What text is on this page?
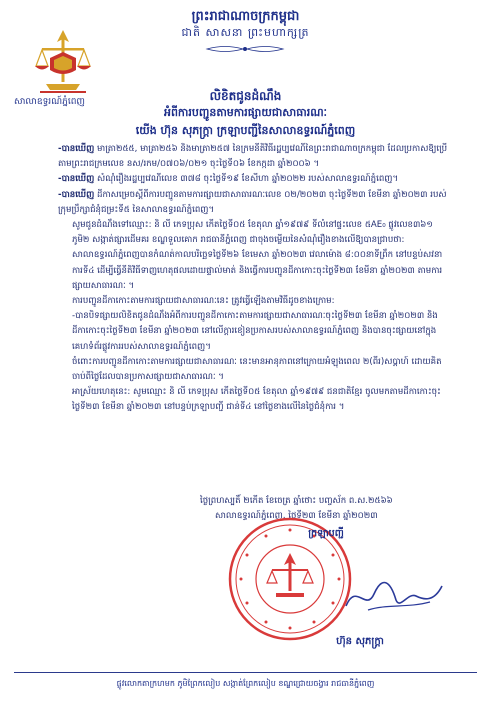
ព្រះរាជាណាចក្រកម្ពុជា
ជាតិ សាសនា ព្រះមហាក្សត្រ
សាលាឧទ្ធរណ៍ភ្នំពេញ	លិខិតជូនដំណឹង
អំពីការបញ្ជូនតាមការផ្សាយជាសាធារណៈ
យើង ហ៊ុន សុភក្ត្រា ក្រឡាបញ្ជីនៃសាលាឧទ្ធរណ៍ភ្នំពេញ

-បានឃើញ មាត្រា២៥៥, មាត្រា២៥៦ និងមាត្រា២៥៧ នៃក្រមនីតិវិធីរដ្ឋប្បវេណីនៃព្រះរាជាណាចក្រកម្ពុជា ដែលប្រកាសឱ្យប្រើតាមព្រះរាជក្រមលេខ នស/រកម/០៧០៦/០២១ ចុះថ្ងៃទី០៦ ខែកក្កដា ឆ្នាំ២០០៦ ។

-បានឃើញ សំណុំរឿងរដ្ឋប្បវេណីលេខ ៣៧៨ ចុះថ្ងៃទី១៩ ខែសីហា ឆ្នាំ២០២២ របស់សាលាឧទ្ធរណ៍ភ្នំពេញ។

-បានឃើញ ដីកាសម្រេចស្តីពីការបញ្ជូនតាមការផ្សាយជាសាធារណៈលេខ ០២/២០២៣ ចុះថ្ងៃទី២៣ ខែមីនា ឆ្នាំ២០២៣ របស់ក្រុមប្រឹក្សាជំនុំជម្រះទី៥ នៃសាលាឧទ្ធរណ៍ភ្នំពេញ។

សូមជូនដំណឹងទៅឈ្មោះ: និ លី កេទប្រុស កើតថ្ងៃទី០៥ ខែតុលា ឆ្នាំ១៩៧៩ ទីលំនៅផ្ទះលេខ ៥AE₀ ផ្លូវលេខ៣៦១ ភូមិ២ សង្កាត់ផ្សារដើមគរ ខណ្ឌទួលគោក រាជធានីភ្នំពេញ ជាចុងចម្លើយនៃសំណុំរឿងខាងលើឱ្យបានជ្រាបថា:

សាលាឧទ្ធរណ៍ភ្នំពេញបានកំណត់កាលបរិច្ឆេទថ្ងៃទី២៦ ខែមេសា ឆ្នាំ២០២៣ វេលាម៉ោង ៨:០០នាទីព្រឹក នៅបន្ទប់សវនាការទី៤ ដើម្បីធ្វើនីតិវិធីទាញហេតុផលដោយផ្ទាល់មាត់ និងធ្វើការបញ្ជូនដីកាកោះចុះថ្ងៃទី២៣ ខែមីនា ឆ្នាំ២០២៣ តាមការផ្សាយសាធារណៈ ។

ការបញ្ជូនដីកាកោះតាមការផ្សាយជាសាធារណៈនេះ ត្រូវធ្វើឡើងតាមវិធីដូចខាងក្រោម:

-បានបិទផ្សាយលិខិតជូនដំណឹងអំពីការបញ្ជូនដីកាកោះតាមការផ្សាយជាសាធារណៈចុះថ្ងៃទី២៣ ខែមីនា ឆ្នាំ២០២៣ និងដីកាកោះចុះថ្ងៃទី២៣ ខែមីនា ឆ្នាំ២០២៣ នៅលើក្តារខៀនប្រកាសរបស់សាលាឧទ្ធរណ៍ភ្នំពេញ និងបានចុះផ្សាយនៅក្នុងគេហទំព័រផ្លូវការរបស់សាលាឧទ្ធរណ៍ភ្នំពេញ។

ចំពោះការបញ្ជូនដីកាកោះតាមការផ្សាយជាសាធារណៈ នេះមានអានុភាពនៅក្រោយអំឡុងពេល ២(ពីរ)សប្តាហ៍ ដោយគិតចាប់ពីថ្ងៃដែលបានប្រកាសផ្សាយជាសាធារណៈ ។

អាស្រ័យហេតុនេះ: សូមឈ្មោះ និ លី កេទប្រុស កើតថ្ងៃទី០៥ ខែតុលា ឆ្នាំ១៩៧៩ ជនជាតិខ្មែរ ចូលមកតាមដីកាកោះចុះថ្ងៃទី២៣ ខែមីនា ឆ្នាំ២០២៣ នៅបន្ទប់ក្រឡាបញ្ជី ជាន់ទី៤ នៅថ្ងៃខាងលើនៃថ្ងៃជំនុំការ ។

ថ្ងៃព្រហស្បតិ៍ ២កើត ខែចេត្រ ឆ្នាំថោះ បញ្ចស័ក ព.ស.២៥៦៦
សាលាឧទ្ធរណ៍ភ្នំពេញ, ថ្ងៃទី២៣ ខែមីនា ឆ្នាំ២០២៣
ក្រឡាបញ្ជី
ហ៊ុន សុភក្ត្រា
ផ្លូវលោកតាក្រហមក ភូមិព្រែកលៀប សង្កាត់ព្រែកលៀប ខណ្ឌជ្រោយចង្វារ រាជធានីភ្នំពេញ
